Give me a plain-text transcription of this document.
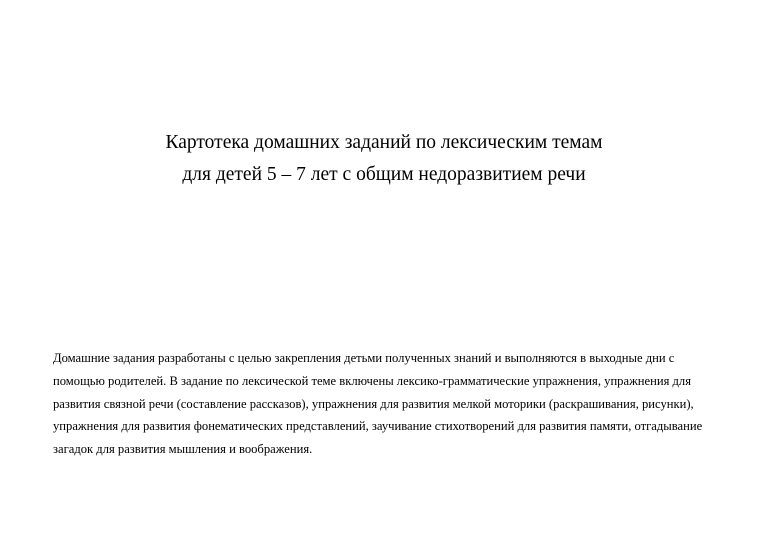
Картотека домашних заданий по лексическим темам
для детей 5 – 7 лет с общим недоразвитием речи
Домашние задания разработаны с целью закрепления детьми полученных знаний и выполняются в выходные дни с
помощью родителей. В задание по лексической теме включены лексико-грамматические упражнения, упражнения для
развития связной речи (составление рассказов), упражнения для развития мелкой моторики (раскрашивания, рисунки),
упражнения для развития фонематических представлений, заучивание стихотворений для развития памяти, отгадывание
загадок для развития мышления и воображения.
